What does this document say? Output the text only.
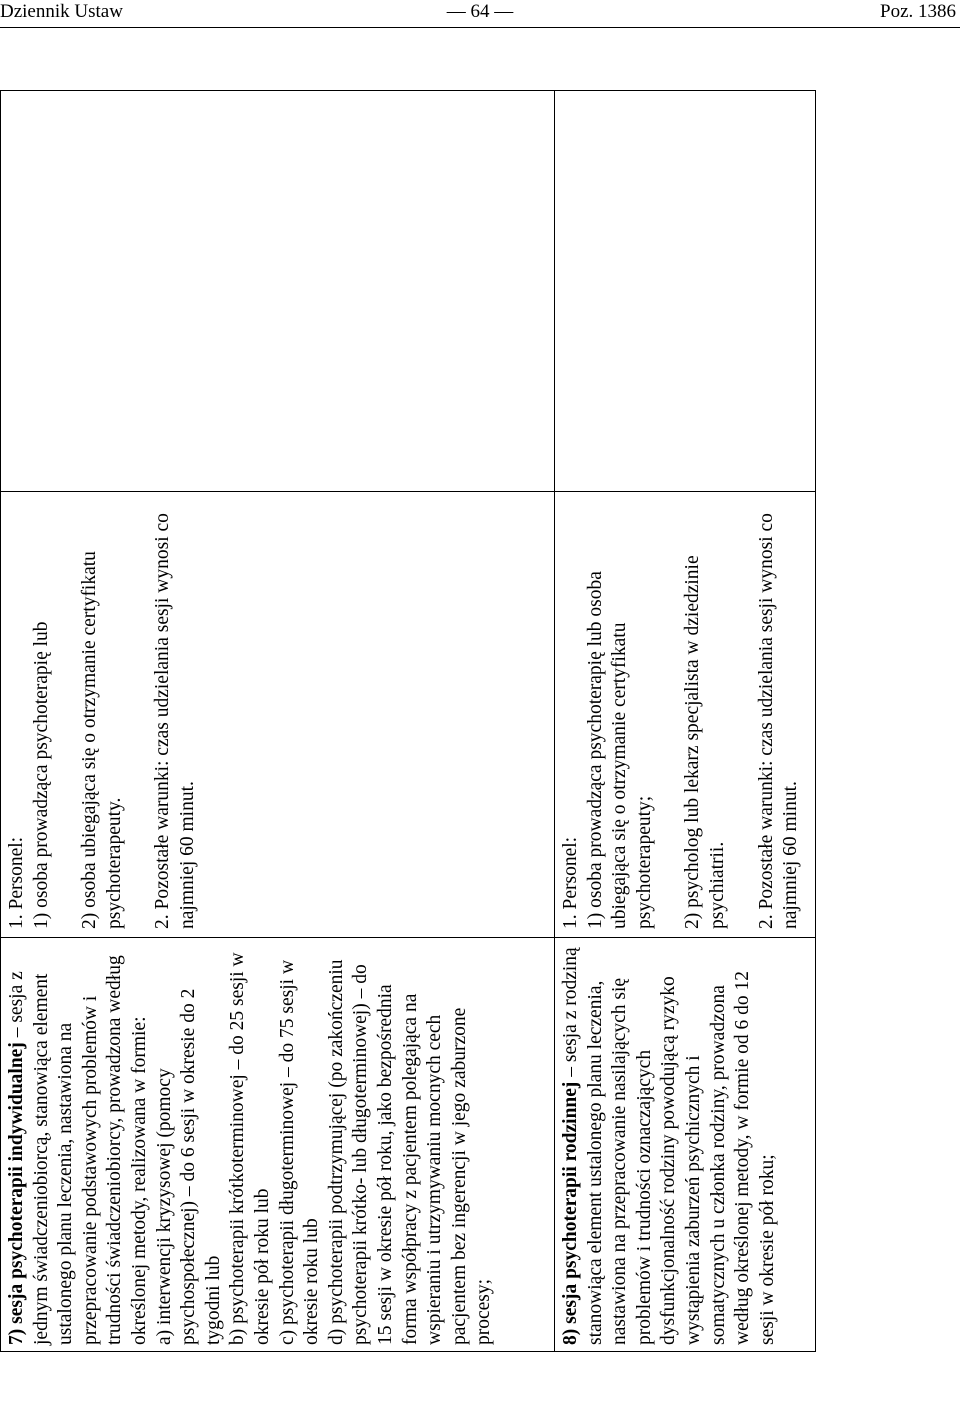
Dziennik Ustaw	— 64 —	Poz. 1386

7) sesja psychoterapii indywidualnej – sesja z jednym świadczeniobiorcą, stanowiąca element ustalonego planu leczenia, nastawiona na przepracowanie podstawowych problemów i trudności świadczeniobiorcy, prowadzona według określonej metody, realizowana w formie: a) interwencji kryzysowej (pomocy psychospołecznej) – do 6 sesji w okresie do 2 tygodni lub b) psychoterapii krótkoterminowej – do 25 sesji w okresie pół roku lub c) psychoterapii długoterminowej – do 75 sesji w okresie roku lub d) psychoterapii podtrzymującej (po zakończeniu psychoterapii krótko- lub długoterminowej) – do 15 sesji w okresie pół roku, jako bezpośrednia forma współpracy z pacjentem polegająca na wspieraniu i utrzymywaniu mocnych cech pacjentem bez ingerencji w jego zaburzone procesy;

1. Personel: 1) osoba prowadząca psychoterapię lub 2) osoba ubiegająca się o otrzymanie certyfikatu psychoterapeuty. 2. Pozostałe warunki: czas udzielania sesji wynosi co najmniej 60 minut.

8) sesja psychoterapii rodzinnej – sesja z rodziną stanowiąca element ustalonego planu leczenia, nastawiona na przepracowanie nasilających się problemów i trudności oznaczających dysfunkcjonalność rodziny powodującą ryzyko wystąpienia zaburzeń psychicznych i somatycznych u członka rodziny, prowadzona według określonej metody, w formie od 6 do 12 sesji w okresie pół roku;

1. Personel: 1) osoba prowadząca psychoterapię lub osoba ubiegająca się o otrzymanie certyfikatu psychoterapeuty; 2) psycholog lub lekarz specjalista w dziedzinie psychiatrii. 2. Pozostałe warunki: czas udzielania sesji wynosi co najmniej 60 minut.
